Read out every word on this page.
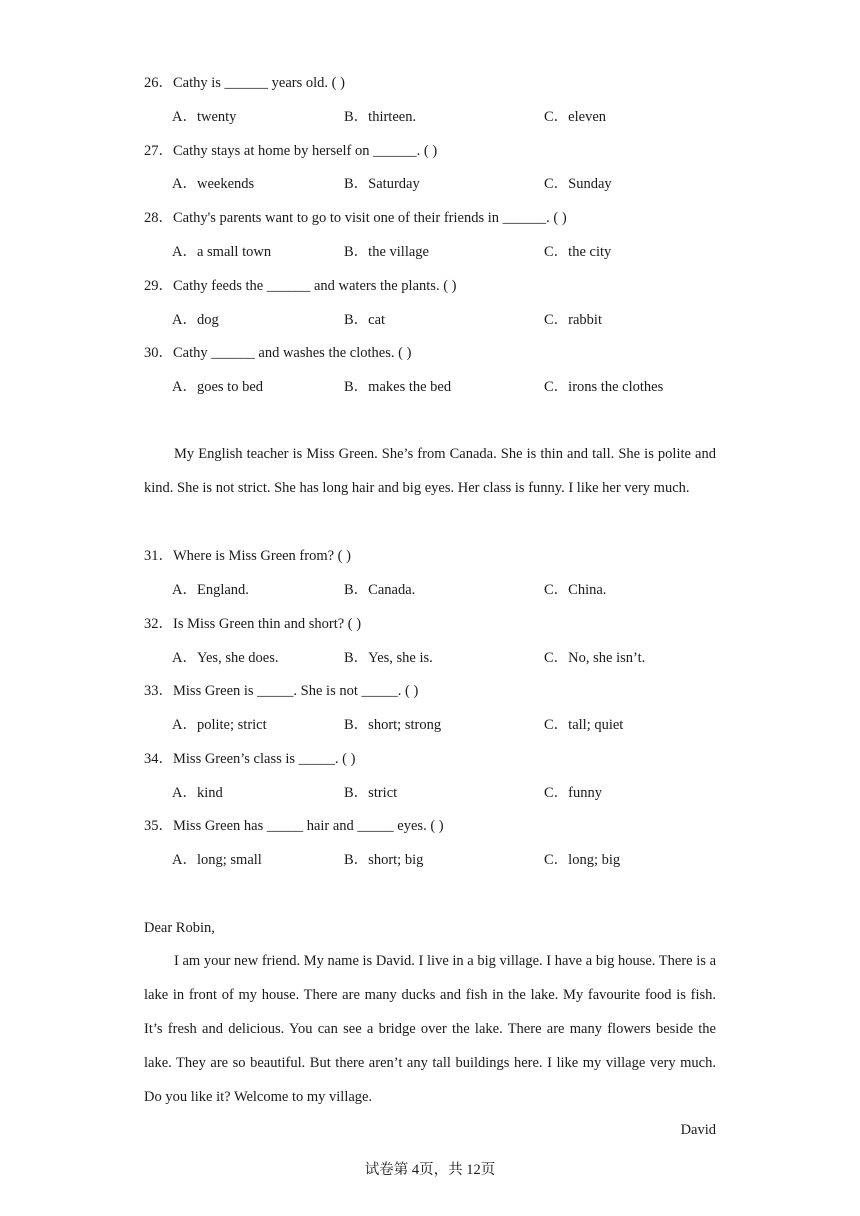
26．Cathy is ______ years old. ( )
A．twenty	B．thirteen.	C．eleven
27．Cathy stays at home by herself on ______. ( )
A．weekends	B．Saturday	C．Sunday
28．Cathy's parents want to go to visit one of their friends in ______. ( )
A．a small town	B．the village	C．the city
29．Cathy feeds the ______ and waters the plants. ( )
A．dog	B．cat	C．rabbit
30．Cathy ______ and washes the clothes. ( )
A．goes to bed	B．makes the bed	C．irons the clothes
My English teacher is Miss Green. She’s from Canada. She is thin and tall. She is polite and kind. She is not strict. She has long hair and big eyes. Her class is funny. I like her very much.
31．Where is Miss Green from? ( )
A．England.	B．Canada.	C．China.
32．Is Miss Green thin and short? ( )
A．Yes, she does.	B．Yes, she is.	C．No, she isn’t.
33．Miss Green is _____. She is not _____. ( )
A．polite; strict	B．short; strong	C．tall; quiet
34．Miss Green’s class is _____. ( )
A．kind	B．strict	C．funny
35．Miss Green has _____ hair and _____ eyes. ( )
A．long; small	B．short; big	C．long; big
Dear Robin,
I am your new friend. My name is David. I live in a big village. I have a big house. There is a lake in front of my house. There are many ducks and fish in the lake. My favourite food is fish. It’s fresh and delicious. You can see a bridge over the lake. There are many flowers beside the lake. They are so beautiful. But there aren’t any tall buildings here. I like my village very much. Do you like it? Welcome to my village.
David
试卷第 4页，共 12页
